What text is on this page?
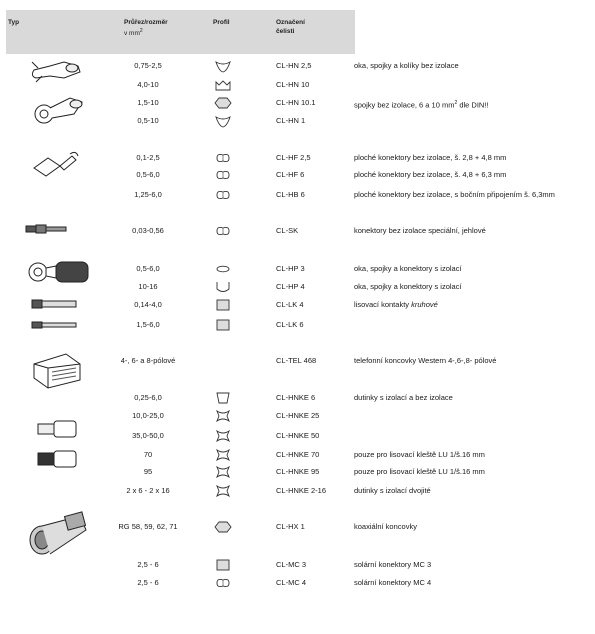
Typ	Průřez/rozměr
v $mm^2$
Profil	Označení
čelisti
0,75-2,5	CL-HN 2,5	oka, spojky a kolíky bez izolace
4,0-10	CL-HN 10
1,5-10	CL-HN 10.1	spojky bez izolace, 6 a 10 $mm^2$ dle DIN!!
0,5-10	CL-HN 1
0,1-2,5	CL-HF 2,5	ploché konektory bez izolace, š. 2,8 + 4,8 mm
0,5-6,0	CL-HF 6	ploché konektory bez izolace, š. 4,8 + 6,3 mm
1,25-6,0	CL-HB 6	ploché konektory bez izolace, s bočním připojením š. 6,3mm
0,03-0,56	CL-SK	konektory bez izolace speciální, jehlové
0,5-6,0	CL-HP 3	oka, spojky a konektory s izolací
10-16	CL-HP 4	oka, spojky a konektory s izolací
0,14-4,0	CL-LK 4	lisovací kontakty kruhové
1,5-6,0	CL-LK 6
4-, 6- a 8-pólové	CL-TEL 468	telefonní koncovky Western 4-,6-,8- pólové
0,25-6,0	CL-HNKE 6	dutinky s izolací a bez izolace
10,0-25,0	CL-HNKE 25
35,0-50,0	CL-HNKE 50
70	CL-HNKE 70	pouze pro lisovací kleště LU 1/š.16 mm
95	CL-HNKE 95	pouze pro lisovací kleště LU 1/š.16 mm
2 x 6 - 2 x 16	CL-HNKE 2-16	dutinky s izolací dvojité
RG 58, 59, 62, 71	CL-HX 1	koaxiální koncovky
2,5 - 6	CL-MC 3	solární konektory MC 3
2,5 - 6	CL-MC 4	solární konektory MC 4
